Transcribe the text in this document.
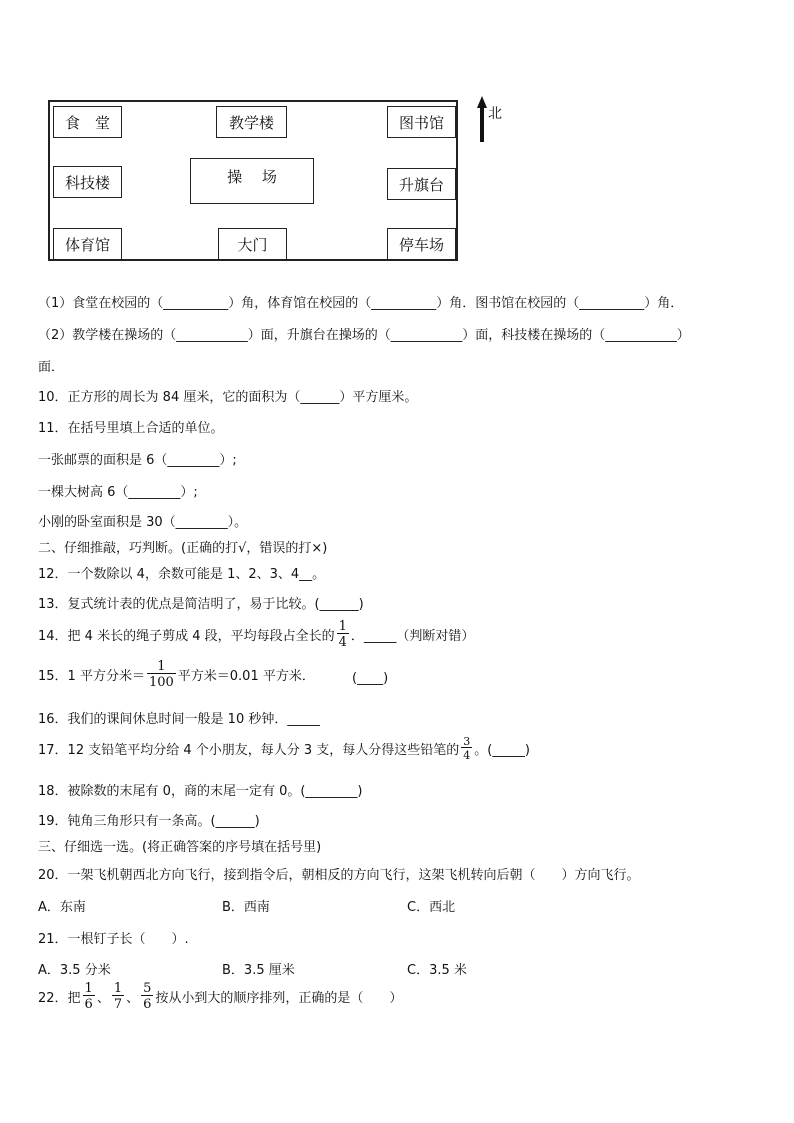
食　堂	教学楼	图书馆
科技楼	操　 场	升旗台
体育馆	大门	停车场
北
（1）食堂在校园的（__________）角，体育馆在校园的（__________）角．图书馆在校园的（__________）角．
（2）教学楼在操场的（___________）面，升旗台在操场的（___________）面，科技楼在操场的（___________）
面．
10．正方形的周长为 84 厘米，它的面积为（______）平方厘米。
11．在括号里填上合适的单位。
一张邮票的面积是 6（________）;
一棵大树高 6（________）;
小刚的卧室面积是 30（________）。
二、仔细推敲，巧判断。(正确的打√，错误的打×)
12．一个数除以 4，余数可能是 1、2、3、4__。
13．复式统计表的优点是简洁明了，易于比较。(______)
14．把 4 米长的绳子剪成 4 段，平均每段占全长的 $\frac{1}{4}$ ．_____（判断对错）
15．1 平方分米＝ $\frac{1}{100}$ 平方米＝0.01 平方米．	(____)
16．我们的课间休息时间一般是 10 秒钟．_____
17．12 支铅笔平均分给 4 个小朋友，每人分 3 支，每人分得这些铅笔的 $\frac{3}{4}$ 。(_____)
18．被除数的末尾有 0，商的末尾一定有 0。(________)
19．钝角三角形只有一条高。(______)
三、仔细选一选。(将正确答案的序号填在括号里)
20．一架飞机朝西北方向飞行，接到指令后，朝相反的方向飞行，这架飞机转向后朝（　　）方向飞行。
A．东南	B．西南	C．西北
21．一根钉子长（　　）.
A．3.5 分米	B．3.5 厘米	C．3.5 米
22．把 $\frac{1}{6}$ 、 $\frac{1}{7}$ 、 $\frac{5}{6}$ 按从小到大的顺序排列，正确的是（　　）
